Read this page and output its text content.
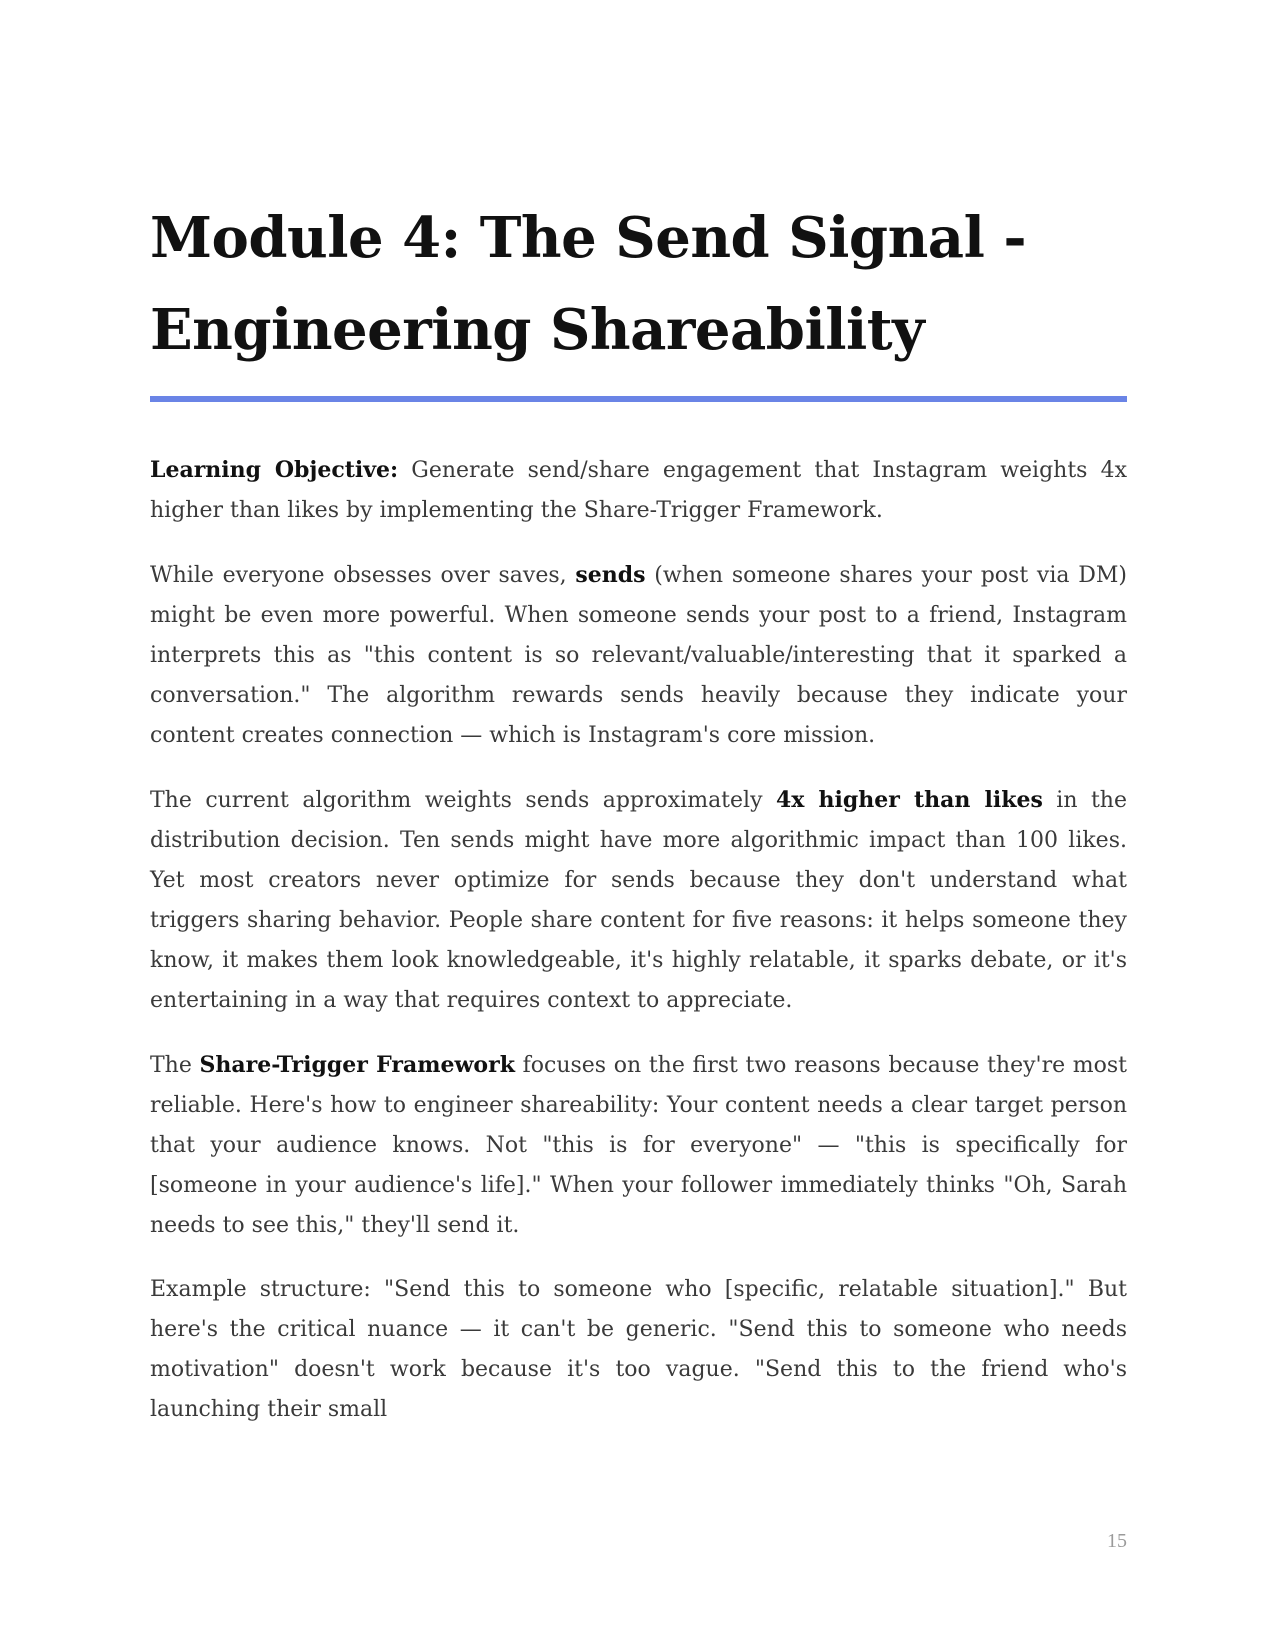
Module 4: The Send Signal - Engineering Shareability

Learning Objective: Generate send/share engagement that Instagram weights 4x higher than likes by implementing the Share-Trigger Framework.

While everyone obsesses over saves, sends (when someone shares your post via DM) might be even more powerful. When someone sends your post to a friend, Instagram interprets this as "this content is so relevant/valuable/interesting that it sparked a conversation." The algorithm rewards sends heavily because they indicate your content creates connection — which is Instagram's core mission.

The current algorithm weights sends approximately 4x higher than likes in the distribution decision. Ten sends might have more algorithmic impact than 100 likes. Yet most creators never optimize for sends because they don't understand what triggers sharing behavior. People share content for five reasons: it helps someone they know, it makes them look knowledgeable, it's highly relatable, it sparks debate, or it's entertaining in a way that requires context to appreciate.

The Share-Trigger Framework focuses on the first two reasons because they're most reliable. Here's how to engineer shareability: Your content needs a clear target person that your audience knows. Not "this is for everyone" — "this is specifically for [someone in your audience's life]." When your follower immediately thinks "Oh, Sarah needs to see this," they'll send it.

Example structure: "Send this to someone who [specific, relatable situation]." But here's the critical nuance — it can't be generic. "Send this to someone who needs motivation" doesn't work because it's too vague. "Send this to the friend who's launching their small

15
